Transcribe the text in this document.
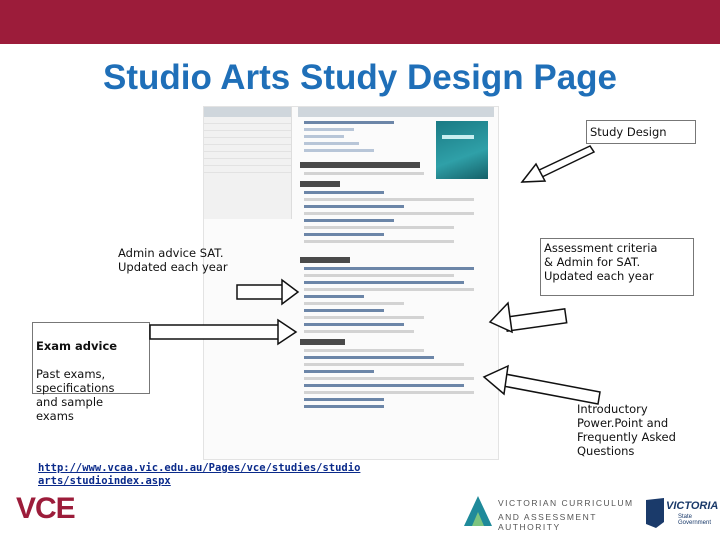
Studio Arts Study Design Page

Study Design
Admin advice SAT.
Updated each year
Assessment criteria
& Admin for SAT.
Updated each year

Exam advice

Past exams,
specifications
and sample
exams	Introductory
Power.Point and
Frequently Asked
Questions
http://www.vcaa.vic.edu.au/Pages/vce/studies/studio
arts/studioindex.aspx
VCE	VICTORIAN CURRICULUM
AND ASSESSMENT AUTHORITY
VICTORIA
State
Government
